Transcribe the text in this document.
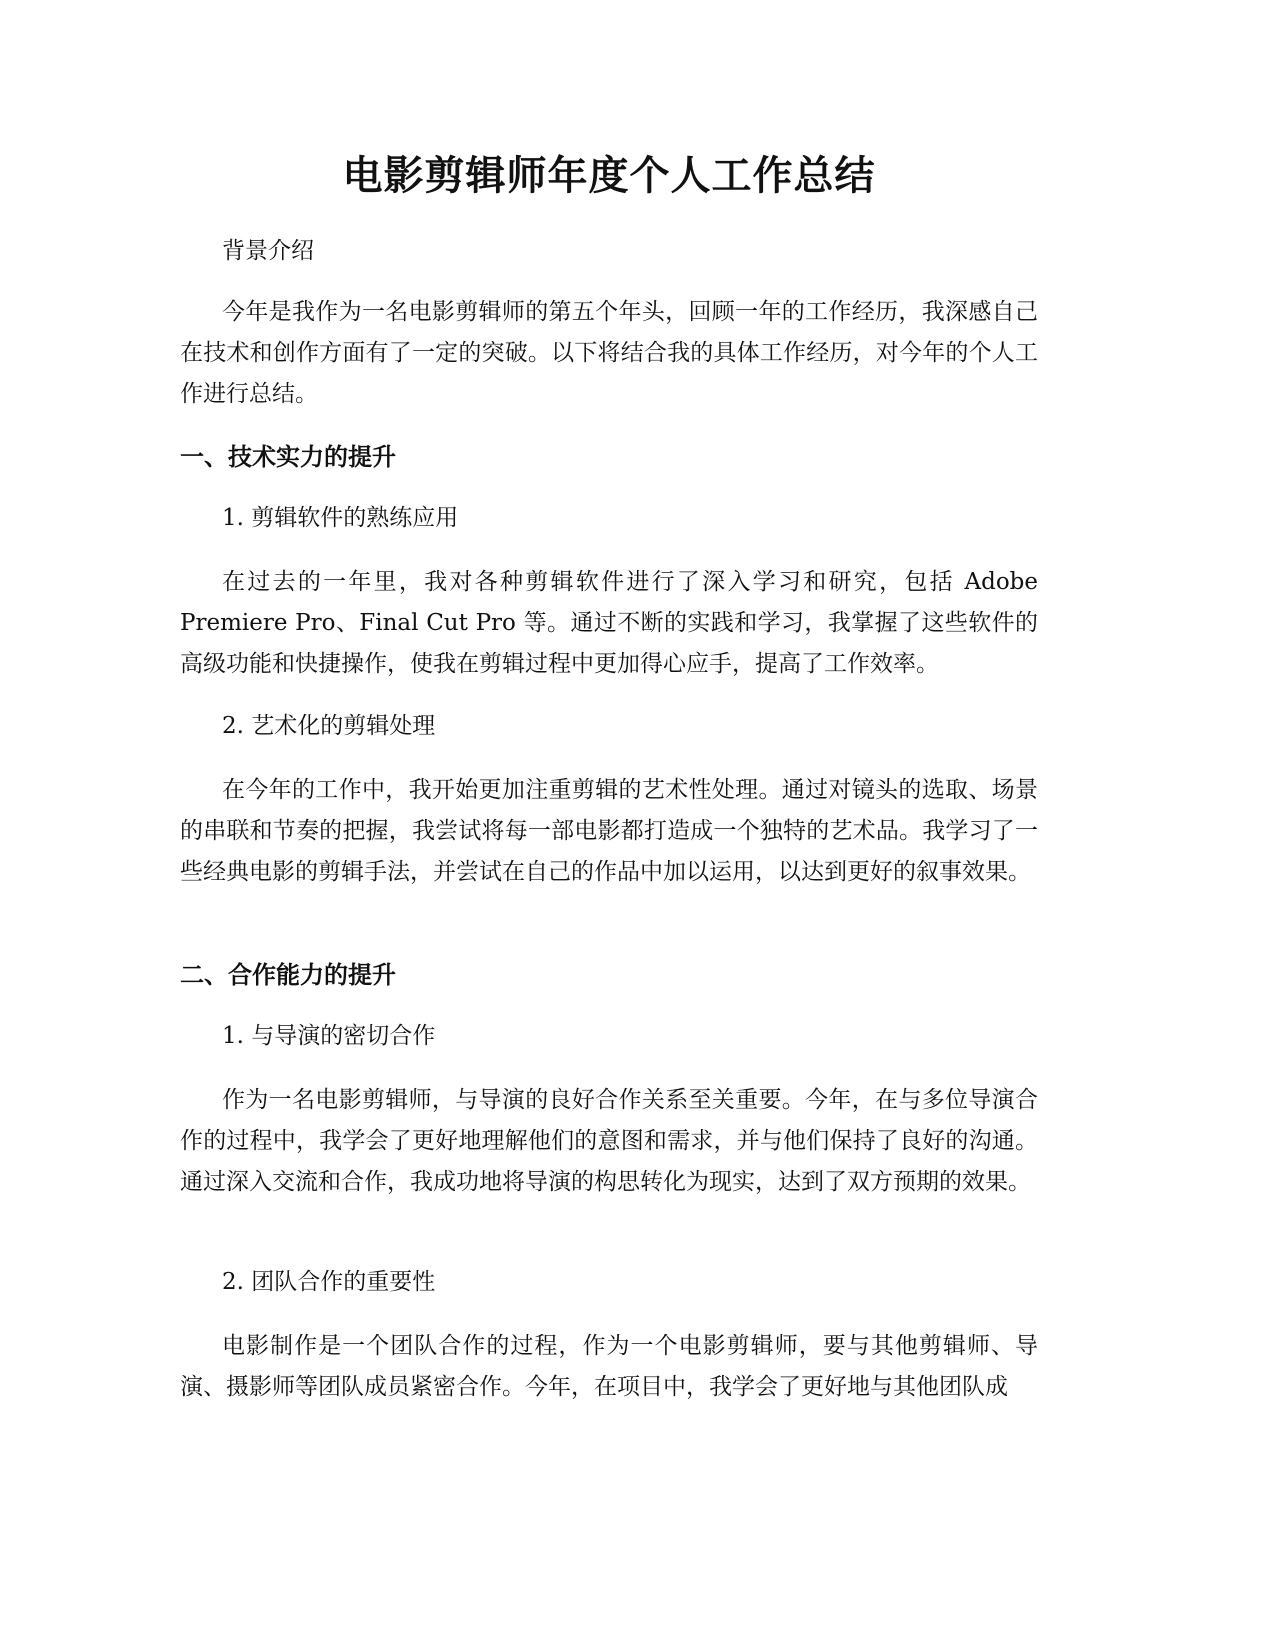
电影剪辑师年度个人工作总结

背景介绍

今年是我作为一名电影剪辑师的第五个年头，回顾一年的工作经历，我深感自己在技术和创作方面有了一定的突破。以下将结合我的具体工作经历，对今年的个人工作进行总结。

一、技术实力的提升

1. 剪辑软件的熟练应用

在过去的一年里，我对各种剪辑软件进行了深入学习和研究，包括 Adobe Premiere Pro、Final Cut Pro 等。通过不断的实践和学习，我掌握了这些软件的高级功能和快捷操作，使我在剪辑过程中更加得心应手，提高了工作效率。

2. 艺术化的剪辑处理

在今年的工作中，我开始更加注重剪辑的艺术性处理。通过对镜头的选取、场景的串联和节奏的把握，我尝试将每一部电影都打造成一个独特的艺术品。我学习了一些经典电影的剪辑手法，并尝试在自己的作品中加以运用，以达到更好的叙事效果。

二、合作能力的提升

1. 与导演的密切合作

作为一名电影剪辑师，与导演的良好合作关系至关重要。今年，在与多位导演合作的过程中，我学会了更好地理解他们的意图和需求，并与他们保持了良好的沟通。通过深入交流和合作，我成功地将导演的构思转化为现实，达到了双方预期的效果。

2. 团队合作的重要性

电影制作是一个团队合作的过程，作为一个电影剪辑师，要与其他剪辑师、导演、摄影师等团队成员紧密合作。今年，在项目中，我学会了更好地与其他团队成
